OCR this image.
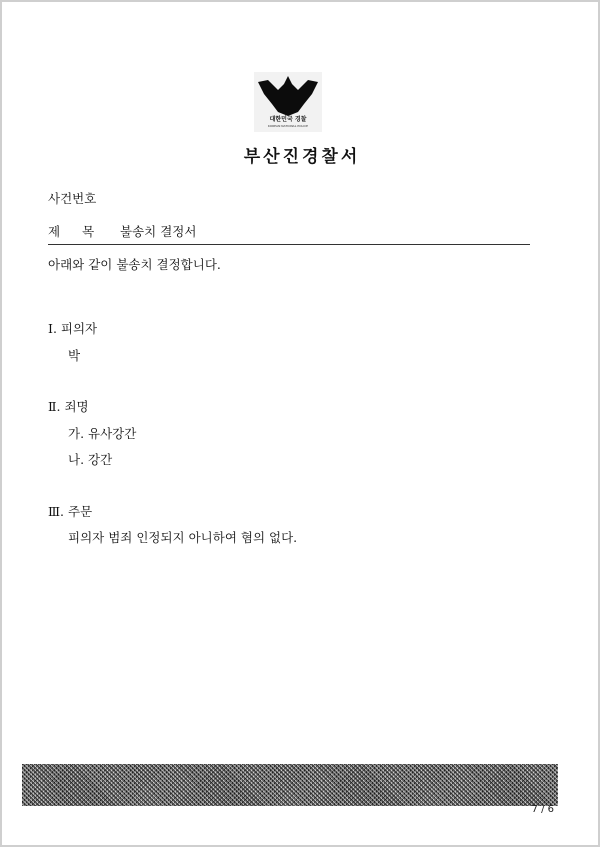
대한민국 경찰
KOREAN NATIONAL POLICE
부산진경찰서
사건번호
제 목 불송치 결정서
아래와 같이 불송치 결정합니다.
Ⅰ. 피의자
박
Ⅱ. 죄명
가. 유사강간
나. 강간
Ⅲ. 주문
피의자 범죄 인정되지 아니하여 혐의 없다.
7 / 6
